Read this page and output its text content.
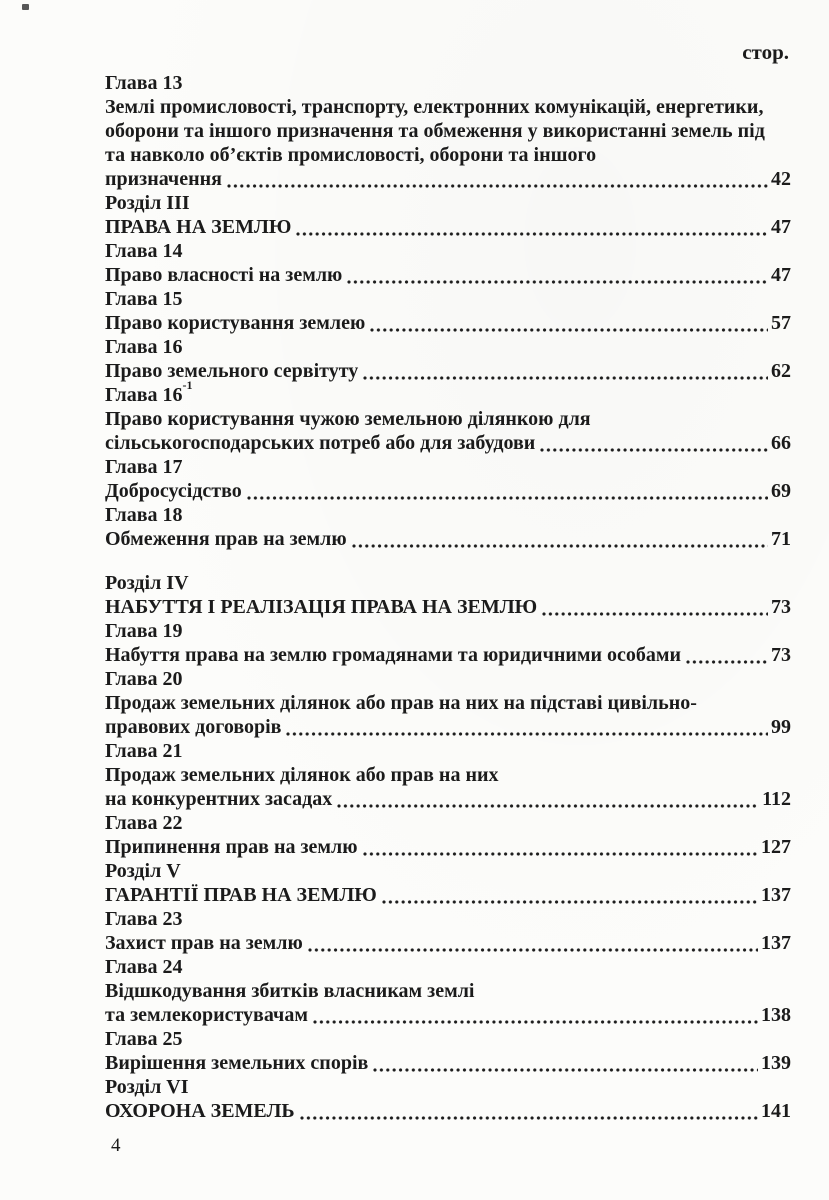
стор.
Глава 13
Землі промисловості, транспорту, електронних комунікацій, енергетики,
оборони та іншого призначення та обмеження у використанні земель під
та навколо об’єктів промисловості, оборони та іншого
призначення	42
Розділ III
ПРАВА НА ЗЕМЛЮ	47
Глава 14
Право власності на землю	47
Глава 15
Право користування землею	57
Глава 16
Право земельного сервітуту	62
Глава 16 -1
Право користування чужою земельною ділянкою для
сільськогосподарських потреб або для забудови	66
Глава 17
Добросусідство	69
Глава 18
Обмеження прав на землю	71
Розділ IV
НАБУТТЯ І РЕАЛІЗАЦІЯ ПРАВА НА ЗЕМЛЮ	73
Глава 19
Набуття права на землю громадянами та юридичними особами	73
Глава 20
Продаж земельних ділянок або прав на них на підставі цивільно-
правових договорів	99
Глава 21
Продаж земельних ділянок або прав на них
на конкурентних засадах	112
Глава 22
Припинення прав на землю	127
Розділ V
ГАРАНТІЇ ПРАВ НА ЗЕМЛЮ	137
Глава 23
Захист прав на землю	137
Глава 24
Відшкодування збитків власникам землі
та землекористувачам	138
Глава 25
Вирішення земельних спорів	139
Розділ VI
ОХОРОНА ЗЕМЕЛЬ	141
4
